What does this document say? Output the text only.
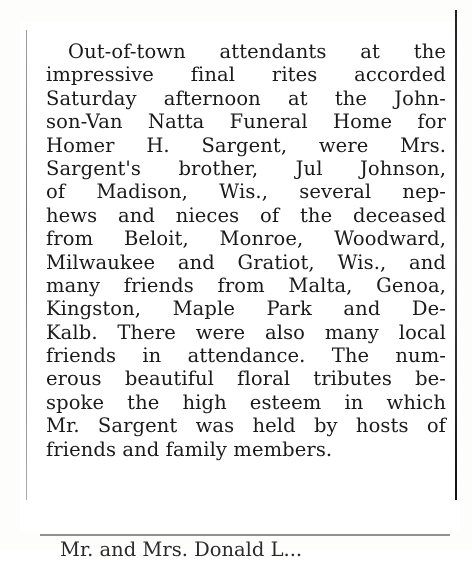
Out-of-town attendants at the
impressive final rites accorded
Saturday afternoon at the John-
son-Van Natta Funeral Home for
Homer H. Sargent, were Mrs.
Sargent's brother, Jul Johnson,
of Madison, Wis., several nep-
hews and nieces of the deceased
from Beloit, Monroe, Woodward,
Milwaukee and Gratiot, Wis., and
many friends from Malta, Genoa,
Kingston, Maple Park and De-
Kalb. There were also many local
friends in attendance. The num-
erous beautiful floral tributes be-
spoke the high esteem in which
Mr. Sargent was held by hosts of
friends and family members.
Mr. and Mrs. Donald L...
